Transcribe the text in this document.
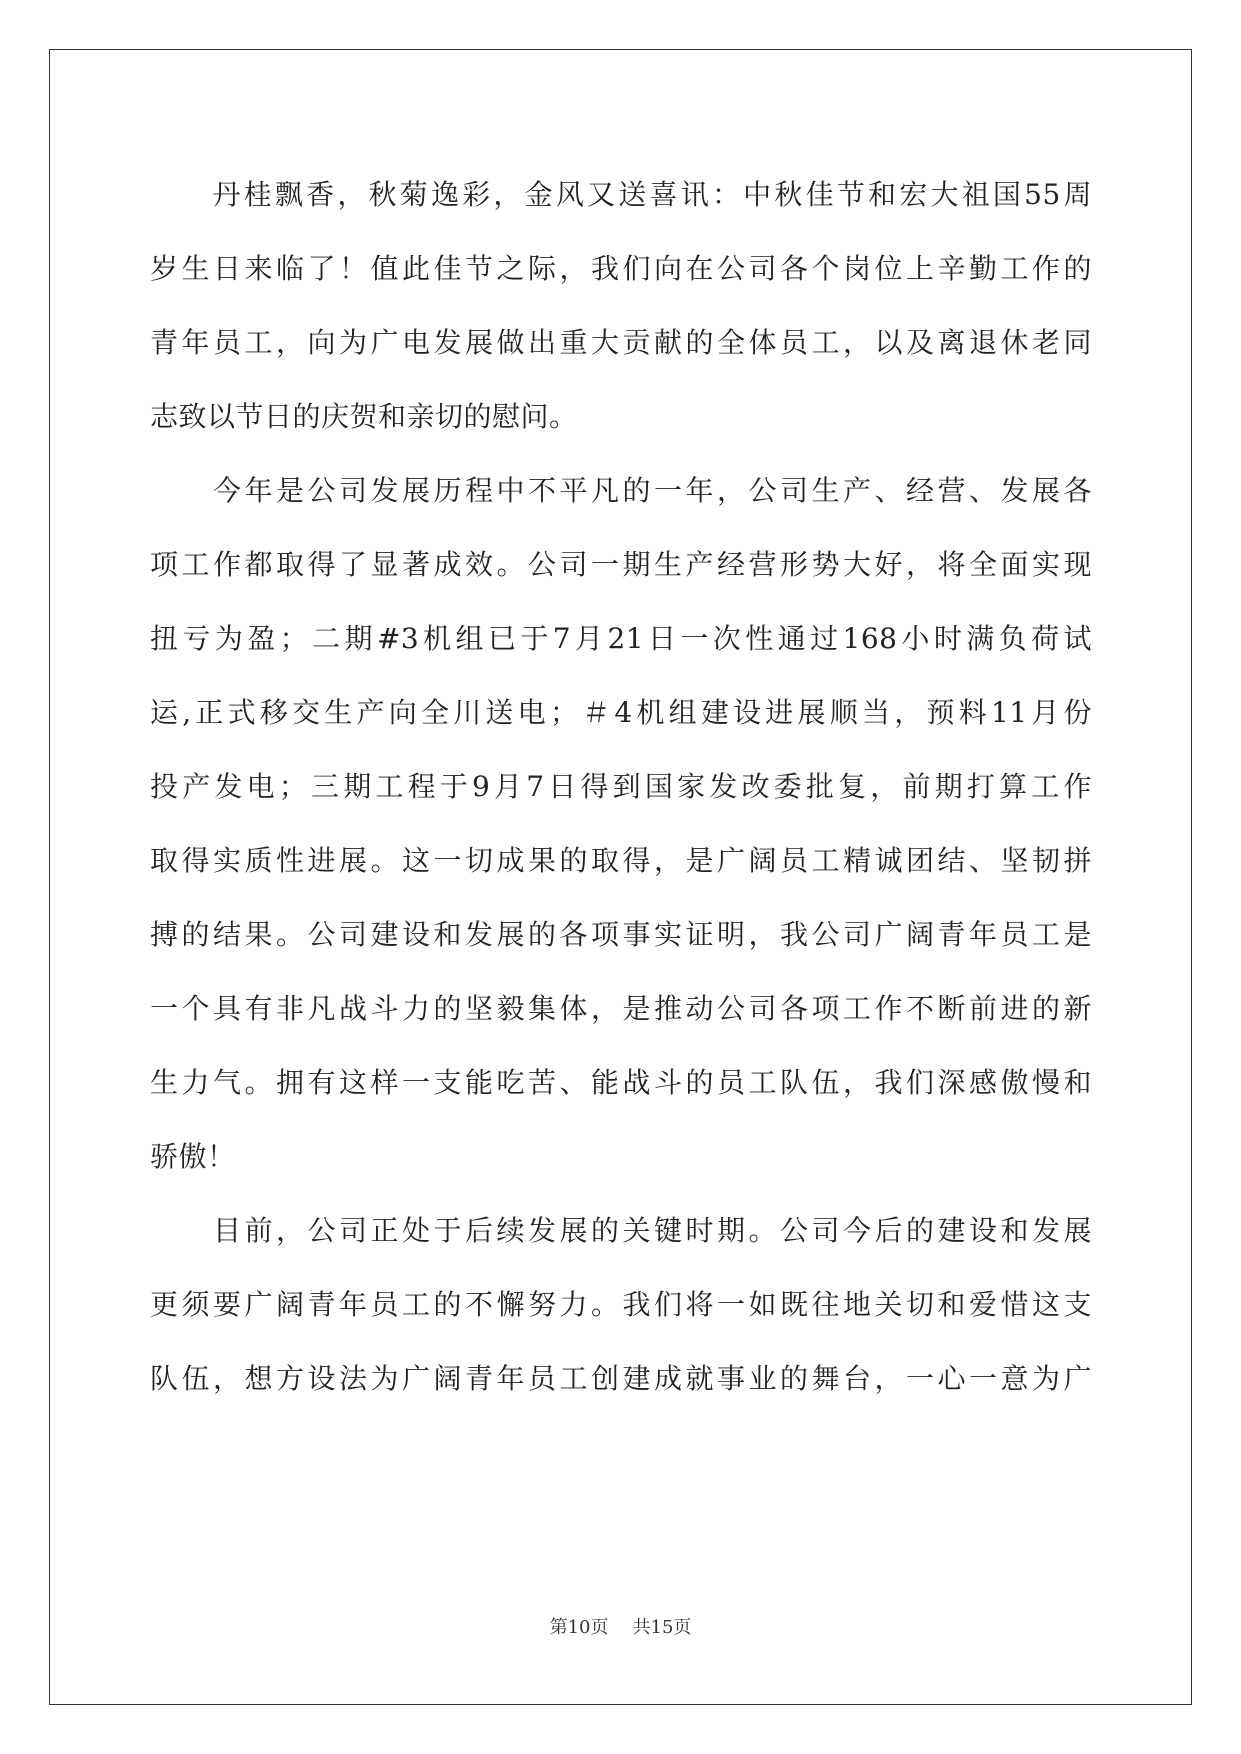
　　丹桂飘香，秋菊逸彩，金风又送喜讯：中秋佳节和宏大祖国55周
岁生日来临了！值此佳节之际，我们向在公司各个岗位上辛勤工作的
青年员工，向为广电发展做出重大贡献的全体员工，以及离退休老同
志致以节日的庆贺和亲切的慰问。
　　今年是公司发展历程中不平凡的一年，公司生产、经营、发展各
项工作都取得了显著成效。公司一期生产经营形势大好，将全面实现
扭亏为盈；二期#3机组已于7月21日一次性通过168小时满负荷试
运,正式移交生产向全川送电；＃4机组建设进展顺当，预料11月份
投产发电；三期工程于9月7日得到国家发改委批复，前期打算工作
取得实质性进展。这一切成果的取得，是广阔员工精诚团结、坚韧拼
搏的结果。公司建设和发展的各项事实证明，我公司广阔青年员工是
一个具有非凡战斗力的坚毅集体，是推动公司各项工作不断前进的新
生力气。拥有这样一支能吃苦、能战斗的员工队伍，我们深感傲慢和
骄傲！
　　目前，公司正处于后续发展的关键时期。公司今后的建设和发展
更须要广阔青年员工的不懈努力。我们将一如既往地关切和爱惜这支
队伍，想方设法为广阔青年员工创建成就事业的舞台，一心一意为广
第10页 共15页
